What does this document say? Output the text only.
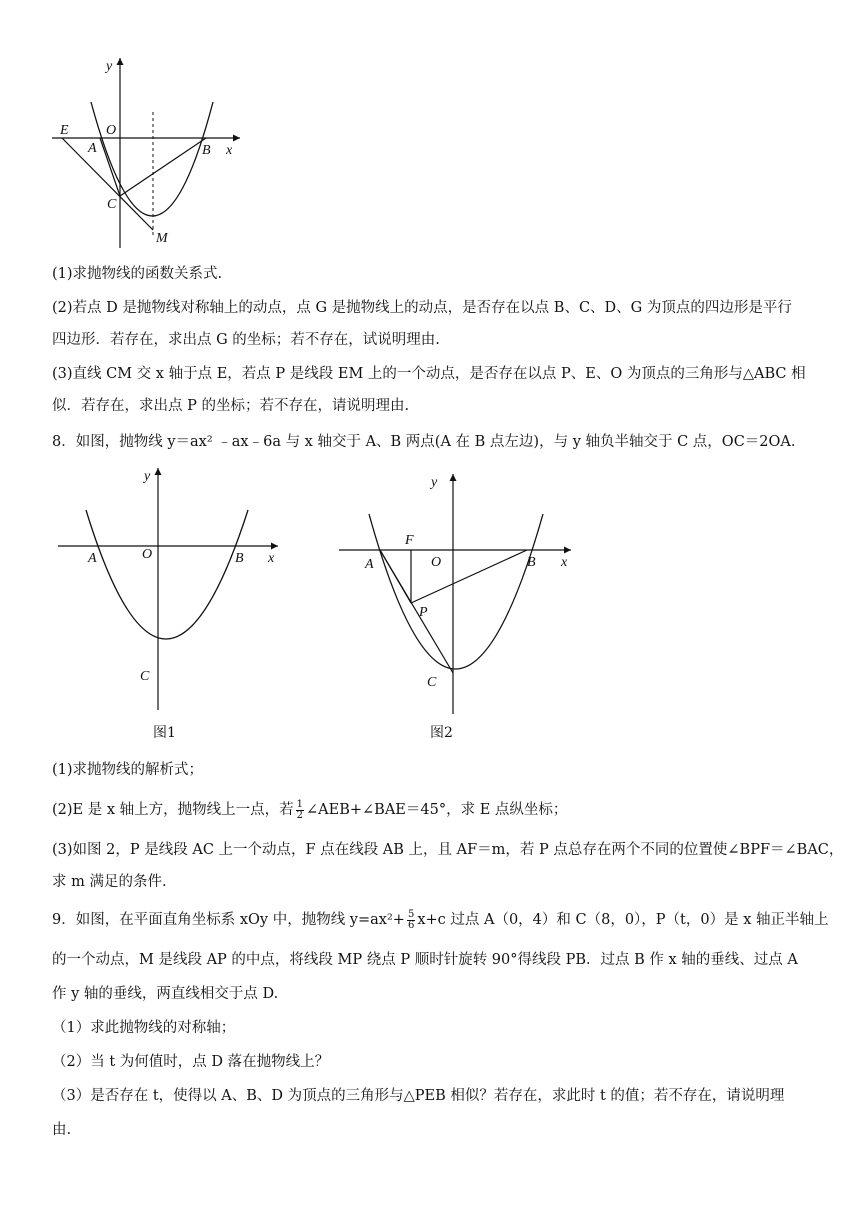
y
x
E	O
A	B
C
M
(1)求抛物线的函数关系式.
(2)若点 D 是抛物线对称轴上的动点，点 G 是抛物线上的动点，是否存在以点 B、C、D、G 为顶点的四边形是平行
四边形．若存在，求出点 G 的坐标；若不存在，试说明理由.
(3)直线 CM 交 x 轴于点 E，若点 P 是线段 EM 上的一个动点，是否存在以点 P、E、O 为顶点的三角形与△ABC 相
似．若存在，求出点 P 的坐标；若不存在，请说明理由.
8．如图，抛物线 y＝ax² ﹣ax﹣6a 与 x 轴交于 A、B 两点(A 在 B 点左边)，与 y 轴负半轴交于 C 点，OC＝2OA.
y
x
A	O	B
C
图1
y
x
A
F
O	B
P
C
图2
(1)求抛物线的解析式；
(2)E 是 x 轴上方，抛物线上一点，若 $\frac{1}{2}$ ∠AEB+∠BAE＝45°，求 E 点纵坐标；
(3)如图 2，P 是线段 AC 上一个动点，F 点在线段 AB 上，且 AF＝m，若 P 点总存在两个不同的位置使∠BPF＝∠BAC，
求 m 满足的条件.
9．如图，在平面直角坐标系 xOy 中，抛物线 $y=ax^2+ \frac{5}{6} x+c$ 过点 A（0，4）和 C（8，0），P（t，0）是 x 轴正半轴上
的一个动点，M 是线段 AP 的中点，将线段 MP 绕点 P 顺时针旋转 90°得线段 PB．过点 B 作 x 轴的垂线、过点 A
作 y 轴的垂线，两直线相交于点 D.
（1）求此抛物线的对称轴；
（2）当 t 为何值时，点 D 落在抛物线上？
（3）是否存在 t，使得以 A、B、D 为顶点的三角形与△PEB 相似？若存在，求此时 t 的值；若不存在，请说明理
由.
